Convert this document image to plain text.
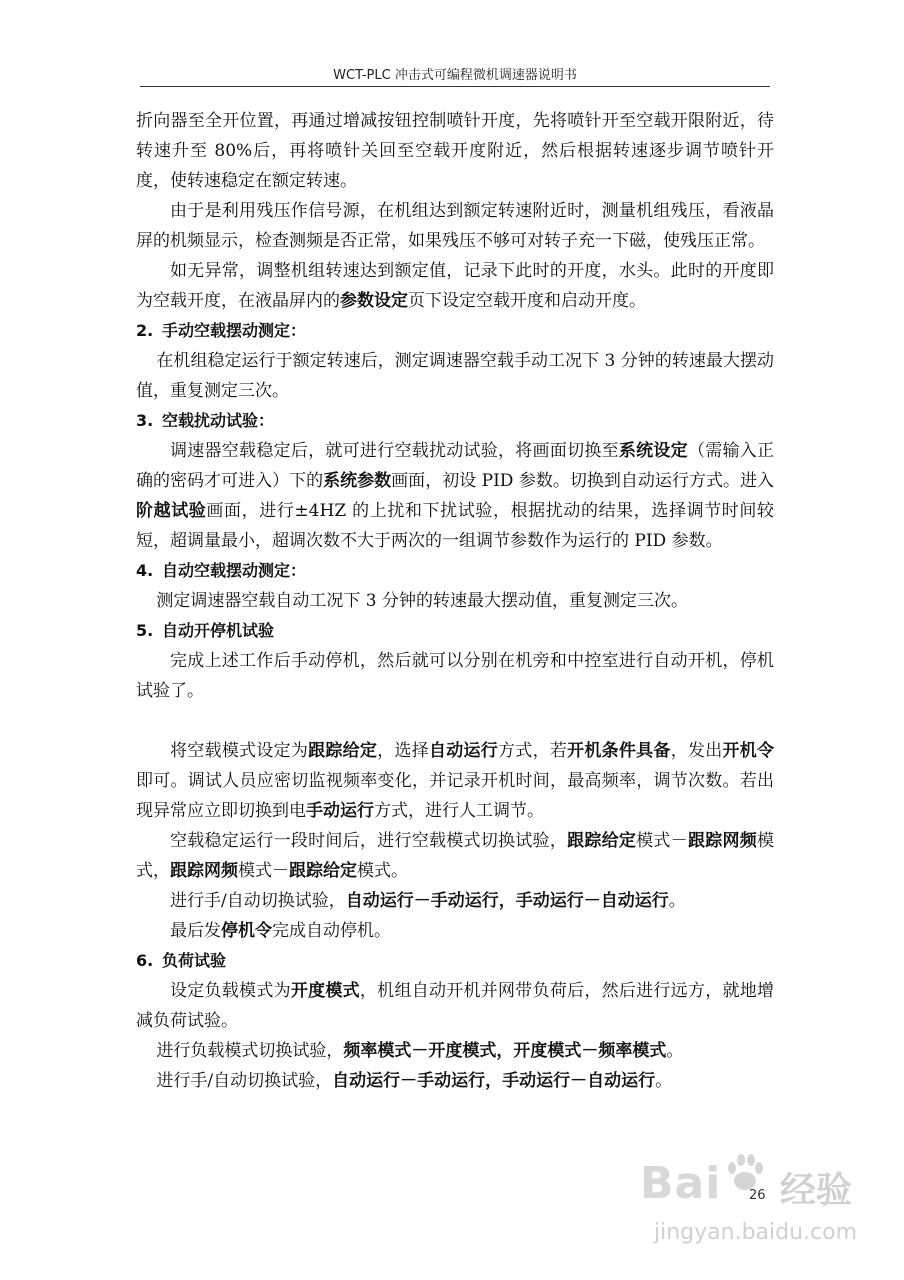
WCT-PLC 冲击式可编程微机调速器说明书

折向器至全开位置，再通过增减按钮控制喷针开度，先将喷针开至空载开限附近，待转速升至 80%后，再将喷针关回至空载开度附近，然后根据转速逐步调节喷针开度，使转速稳定在额定转速。

由于是利用残压作信号源，在机组达到额定转速附近时，测量机组残压，看液晶屏的机频显示，检查测频是否正常，如果残压不够可对转子充一下磁，使残压正常。

如无异常，调整机组转速达到额定值，记录下此时的开度，水头。此时的开度即为空载开度，在液晶屏内的参数设定页下设定空载开度和启动开度。

2. 手动空载摆动测定：

在机组稳定运行于额定转速后，测定调速器空载手动工况下 3 分钟的转速最大摆动值，重复测定三次。

3. 空载扰动试验：

调速器空载稳定后，就可进行空载扰动试验，将画面切换至系统设定（需输入正确的密码才可进入）下的系统参数画面，初设 PID 参数。切换到自动运行方式。进入阶越试验画面，进行±4HZ 的上扰和下扰试验，根据扰动的结果，选择调节时间较短，超调量最小，超调次数不大于两次的一组调节参数作为运行的 PID 参数。

4. 自动空载摆动测定：

测定调速器空载自动工况下 3 分钟的转速最大摆动值，重复测定三次。

5. 自动开停机试验

完成上述工作后手动停机，然后就可以分别在机旁和中控室进行自动开机，停机试验了。

将空载模式设定为跟踪给定，选择自动运行方式，若开机条件具备，发出开机令即可。调试人员应密切监视频率变化，并记录开机时间，最高频率，调节次数。若出现异常应立即切换到电手动运行方式，进行人工调节。

空载稳定运行一段时间后，进行空载模式切换试验，跟踪给定模式－跟踪网频模式，跟踪网频模式－跟踪给定模式。

进行手/自动切换试验，自动运行－手动运行，手动运行－自动运行。

最后发停机令完成自动停机。

6. 负荷试验

设定负载模式为开度模式，机组自动开机并网带负荷后，然后进行远方，就地增减负荷试验。

进行负载模式切换试验，频率模式－开度模式，开度模式－频率模式。

进行手/自动切换试验，自动运行－手动运行，手动运行－自动运行。

26
Bai 经验
jingyan.baidu.com
